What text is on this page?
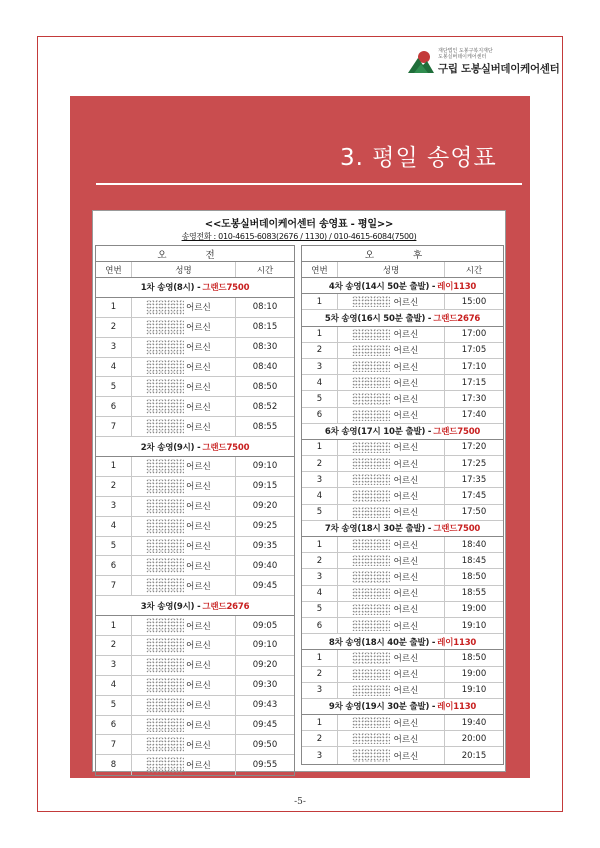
재단법인 도봉구복지재단 도봉실버데이케어센터
구립 도봉실버데이케어센터
3. 평일 송영표
<<도봉실버데이케어센터 송영표 - 평일>>
송영전화 : 010-4615-6083(2676 / 1130) / 010-4615-6084(7500)
오 전
연번	성명	시간
1차 송영(8시) - 그랜드7500
1	어르신	08:10
2	어르신	08:15
3	어르신	08:30
4	어르신	08:40
5	어르신	08:50
6	어르신	08:52
7	어르신	08:55
2차 송영(9시) - 그랜드7500
1	어르신	09:10
2	어르신	09:15
3	어르신	09:20
4	어르신	09:25
5	어르신	09:35
6	어르신	09:40
7	어르신	09:45
3차 송영(9시) - 그랜드2676
1	어르신	09:05
2	어르신	09:10
3	어르신	09:20
4	어르신	09:30
5	어르신	09:43
6	어르신	09:45
7	어르신	09:50
8	어르신	09:55
오 후
연번	성명	시간
4차 송영(14시 50분 출발) - 레이1130
1	어르신	15:00
5차 송영(16시 50분 출발) - 그랜드2676
1	어르신	17:00
2	어르신	17:05
3	어르신	17:10
4	어르신	17:15
5	어르신	17:30
6	어르신	17:40
6차 송영(17시 10분 출발) - 그랜드7500
1	어르신	17:20
2	어르신	17:25
3	어르신	17:35
4	어르신	17:45
5	어르신	17:50
7차 송영(18시 30분 출발) - 그랜드7500
1	어르신	18:40
2	어르신	18:45
3	어르신	18:50
4	어르신	18:55
5	어르신	19:00
6	어르신	19:10
8차 송영(18시 40분 출발) - 레이1130
1	어르신	18:50
2	어르신	19:00
3	어르신	19:10
9차 송영(19시 30분 출발) - 레이1130
1	어르신	19:40
2	어르신	20:00
3	어르신	20:15
-5-
